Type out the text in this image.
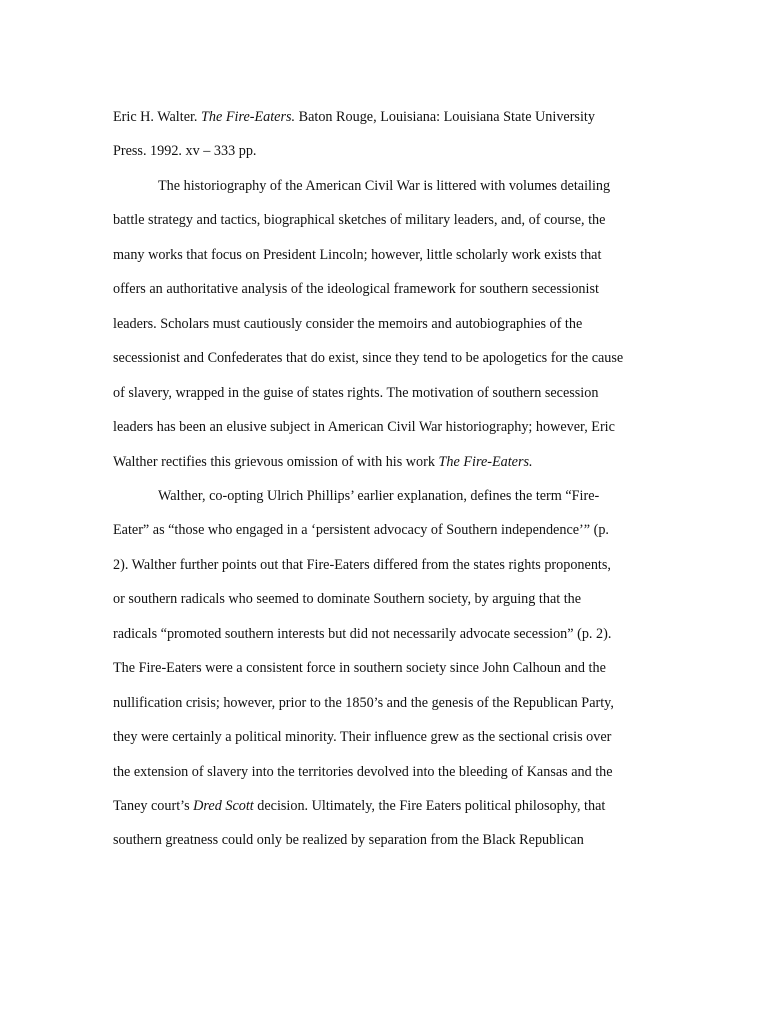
Eric H. Walter. The Fire-Eaters. Baton Rouge, Louisiana: Louisiana State University
Press. 1992. xv – 333 pp.
The historiography of the American Civil War is littered with volumes detailing
battle strategy and tactics, biographical sketches of military leaders, and, of course, the
many works that focus on President Lincoln; however, little scholarly work exists that
offers an authoritative analysis of the ideological framework for southern secessionist
leaders. Scholars must cautiously consider the memoirs and autobiographies of the
secessionist and Confederates that do exist, since they tend to be apologetics for the cause
of slavery, wrapped in the guise of states rights. The motivation of southern secession
leaders has been an elusive subject in American Civil War historiography; however, Eric
Walther rectifies this grievous omission of with his work The Fire-Eaters.
Walther, co-opting Ulrich Phillips’ earlier explanation, defines the term “Fire-
Eater” as “those who engaged in a ‘persistent advocacy of Southern independence’” (p.
2). Walther further points out that Fire-Eaters differed from the states rights proponents,
or southern radicals who seemed to dominate Southern society, by arguing that the
radicals “promoted southern interests but did not necessarily advocate secession” (p. 2).
The Fire-Eaters were a consistent force in southern society since John Calhoun and the
nullification crisis; however, prior to the 1850’s and the genesis of the Republican Party,
they were certainly a political minority. Their influence grew as the sectional crisis over
the extension of slavery into the territories devolved into the bleeding of Kansas and the
Taney court’s Dred Scott decision. Ultimately, the Fire Eaters political philosophy, that
southern greatness could only be realized by separation from the Black Republican
